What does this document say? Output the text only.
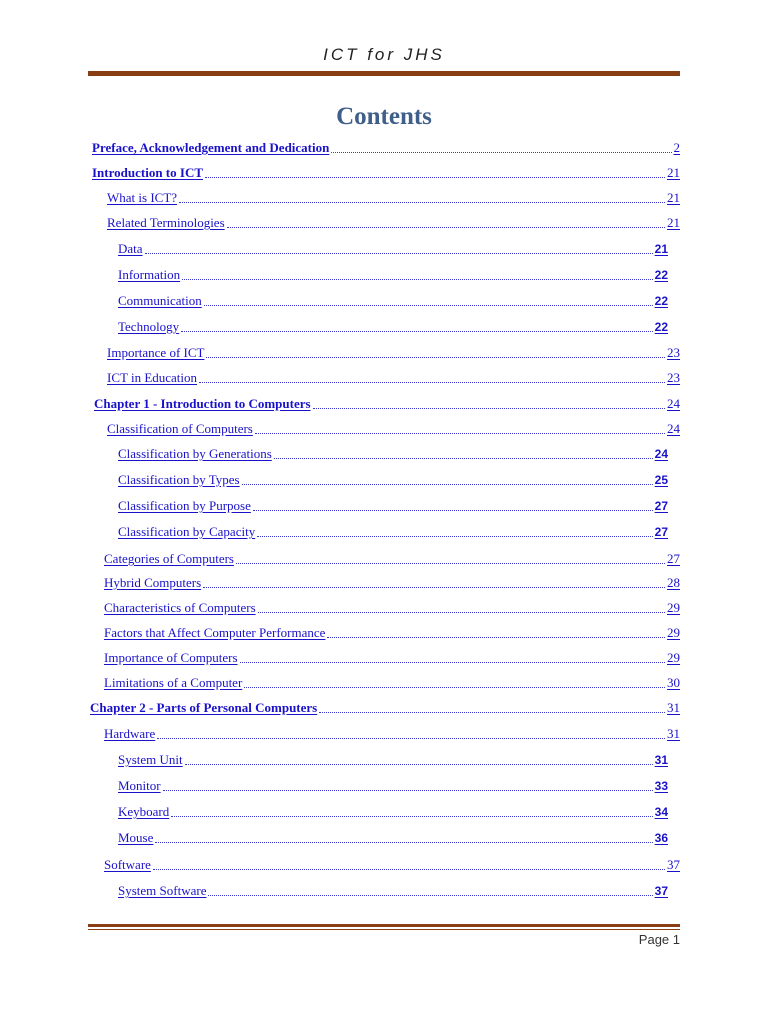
ICT for JHS
Contents
Preface, Acknowledgement and Dedication	2
Introduction to ICT	21
What is ICT?	21
Related Terminologies	21
Data	21
Information	22
Communication	22
Technology	22
Importance of ICT	23
ICT in Education	23
Chapter 1 - Introduction to Computers	24
Classification of Computers	24
Classification by Generations	24
Classification by Types	25
Classification by Purpose	27
Classification by Capacity	27
Categories of Computers	27
Hybrid Computers	28
Characteristics of Computers	29
Factors that Affect Computer Performance	29
Importance of Computers	29
Limitations of a Computer	30
Chapter 2 - Parts of Personal Computers	31
Hardware	31
System Unit	31
Monitor	33
Keyboard	34
Mouse	36
Software	37
System Software	37
Page 1
